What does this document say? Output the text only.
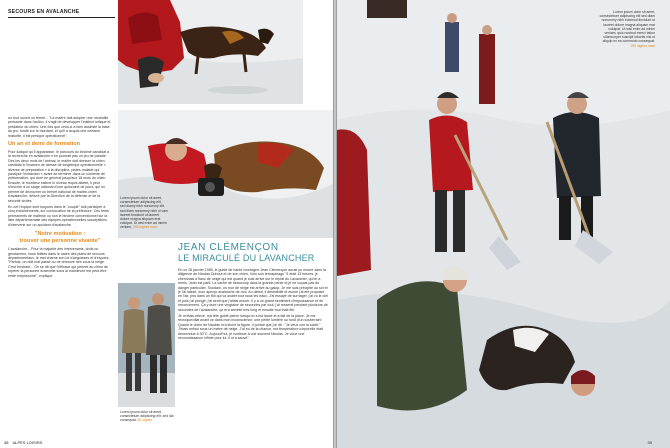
SECOURS EN AVALANCHE

un tout ouvert un fermé... "La maître doit adopter une neutralité pensante dans l'action, il s'agit de développer l'instinct ludique et prédateur du chien. Une fois que celui-ci a bien assimilé la base du jeu, fondé sur le mordant, et qu'il a acquis une certaine maturité, il est presque opérationnel".

Un an et demi de formation

Pour ludique qu'il apparaisse, le parcours du binôme candidat à la recherche en avalanche n'en pourrait pas un jeu de parade. Dès les deux mois de l'animal, le maître doit dresser la chien candidat à l'examen de dresse de longtemps opérationnelle « diverse de préparation » à la discipline, pistes malade qui paralyse l'extraction « avant de terminer dans un contexte de préformation, qui dure en général jusqu'aux 18 mois du chien. Ensuite, le moniteur estime le niveau requis atteint, il peut s'inscrire à un stage national d'une quinzaine de jours, qui lui permet de décrocher un brevet national de maître-chien d'avalanche, délivré par la Direction de la défense et de la sécurité civiles.

En cet l'équipe sont toujours dans le "couple" doit participer à cinq entraînements, sur convocation de la préfecture. Ces tests permanents de maîtrise ou non le binôme conventionnel sur la liste départementale des équipes opérationnelles susceptibles d'intervenir sur un accident d'avalanche.

"Notre motivation :
trouver une personne vivante"

L'avalanche... Pour la majorité des intervenants, civils ou gendarmes, nous fidèles dans le cadre des plans de secours départementaux, le met charne son lot d'angoisses et d'espoirs. "Parfois, on doit mal passé ou ne retrouve rien sous la neige. C'est frustrant... On se dit que l'efficace qui permet au chien de repérer la personne ensevelie sous la mainlevée est peut-être resté emprisonné", explique

Lorem ipsum dolor sit amet, consectetuer adipiscing elit, sed diamy nibh nonummy elit, sed diam nonummy nibh ui vam laoreet tincidunt ut laoreet dolore magna aliquam erat volutpat. Ut wisi enim ad minim veniam, 292 signes maxi
JEAN CLÉMENÇON
LE MIRACULÉ DU LAVANCHER

En ce 28 janvier 1985, le guide de haute montagne Jean Clémençon aurait pu mourir sans la diligence de Nicolas Duhout et de son chien, Volo son teriospinagu "Il était 13 heures, je cheminais à flanc de neige qui est quand je suis arrivé sur le replat du Lavancher, qu'on a remis. Jean est parti. La vache de beaucoup dans la grande pente et je ne voyais pas de danger particulier. Soudain, un mur de neige est arrivé au galop. Je me suis précipité au sol et je l'ai laissé, mon aperçu avalanche de moi. Au début, il déshabillé et avoué j'ai été propulsé en l'air, pris dans un flot qui va avaler tout sous les eaux. J'ai essayé de surnager, j'ai vu le ciel et puis j'ai plongé, j'ai senti que j'allais mourir. Il y a un grand sentiment d'impuissance et de renoncement. Ça y dure une vingtaine de secondes par tout, j'ai ressenti pendant plusieurs de secondes de l'avalanche, ça m'a semblé très long et ensuite tout était fini.

Je m'étais relevé, ma tête guidé pleine lorsqu'on s'est lancé et a fait de la place. Je me recroquevillai avant ce dans mon inconscience, une petite lumière ou fond d'un souterrain! Quand le chien de Nicolas m'a léché la figure, il portait que j'ai dit : "Je veux voir la soleil." J'étais enfoui sous un mètre de neige. J'ai eu de la chance, ma température corporelle était descendue à 30°C. Aujourd'hui, je continue à voir souvent Nicolas. Je voue une reconnaissance infinie pour lui. Il m'a sauvé".

Lorem ipsum dolor sit amet, consectetuer adipiscing elit, sed dia consequat. 80 signes
38 ALPES LOISIRS
Lorem ipsum dolor sit amet, consectetuer adipiscing elit sed diam nonummy nibh euismod tincidunt ut laoreet dolore magna aliquam erat volutpat. Ut wisi enim ad minim veniam, quis nostrud exerci tation ullamcorper suscipit lobortis nisl ut aliquip ex ea commodo consequat. 250 signes maxi
39
